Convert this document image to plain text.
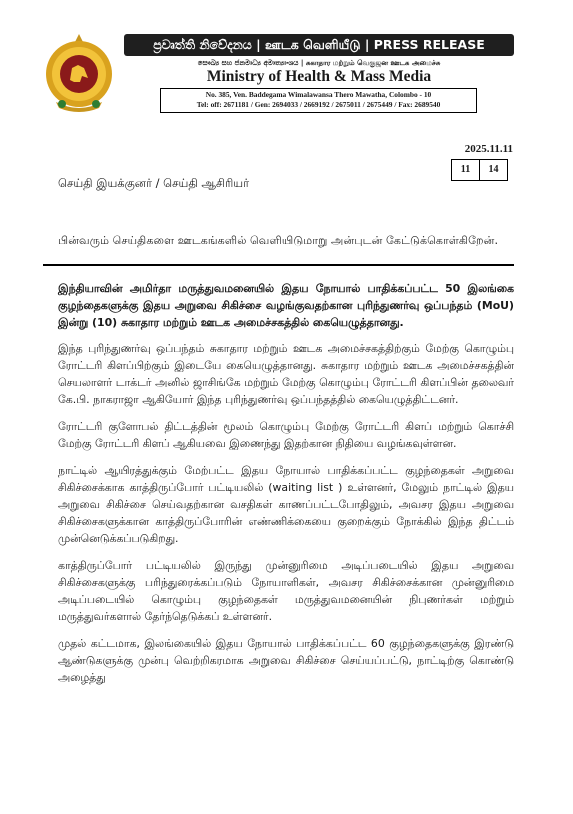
ප්‍රවෘත්ති නිවේදනය | ஊடக வெளியீடு | PRESS RELEASE
සෞඛ්‍ය සහ ජනමාධ්‍ය අමාත්‍යාංශය | சுகாதார மற்றும் வெகுஜன ஊடக அமைச்சு
Ministry of Health & Mass Media
No. 385, Ven. Baddegama Wimalawansa Thero Mawatha, Colombo - 10
Tel: off: 2671181 / Gen: 2694033 / 2669192 / 2675011 / 2675449 / Fax: 2689540
2025.11.11
11	14
செய்தி இயக்குனர் / செய்தி ஆசிரியர்
பின்வரும் செய்திகளை ஊடகங்களில் வெளியிடுமாறு அன்புடன் கேட்டுக்கொள்கிறேன்.

இந்தியாவின் அமிர்தா மருத்துவமனையில் இதய நோயால் பாதிக்கப்பட்ட 50 இலங்கை குழந்தைகளுக்கு இதய அறுவை சிகிச்சை வழங்குவதற்கான புரிந்துணர்வு ஒப்பந்தம் (MoU) இன்று (10) சுகாதார மற்றும் ஊடக அமைச்சகத்தில் கையெழுத்தானது.

இந்த புரிந்துணர்வு ஒப்பந்தம் சுகாதார மற்றும் ஊடக அமைச்சகத்திற்கும் மேற்கு கொழும்பு ரோட்டரி கிளப்பிற்கும் இடையே கையெழுத்தானது. சுகாதார மற்றும் ஊடக அமைச்சகத்தின் செயலாளர் டாக்டர் அனில் ஜாசிங்கே மற்றும் மேற்கு கொழும்பு ரோட்டரி கிளப்பின் தலைவர் கே.பி. நாகராஜா ஆகியோர் இந்த புரிந்துணர்வு ஒப்பந்தத்தில் கையெழுத்திட்டனர்.

ரோட்டரி குளோபல் திட்டத்தின் மூலம் கொழும்பு மேற்கு ரோட்டரி கிளப் மற்றும் கொச்சி மேற்கு ரோட்டரி கிளப் ஆகியவை இணைந்து இதற்கான நிதியை வழங்கவுள்ளன.

நாட்டில் ஆயிரத்துக்கும் மேற்பட்ட இதய நோயால் பாதிக்கப்பட்ட குழந்தைகள் அறுவை சிகிச்சைக்காக காத்திருப்போர் பட்டியலில் (waiting list ) உள்ளனர், மேலும் நாட்டில் இதய அறுவை சிகிச்சை செய்வதற்கான வசதிகள் காணப்பட்டபோதிலும், அவசர இதய அறுவை சிகிச்சைகளுக்கான காத்திருப்போரின் எண்ணிக்கையை குறைக்கும் நோக்கில் இந்த திட்டம் முன்னெடுக்கப்படுகிறது.

காத்திருப்போர் பட்டியலில் இருந்து முன்னுரிமை அடிப்படையில் இதய அறுவை சிகிச்சைகளுக்கு பரிந்துரைக்கப்படும் நோயாளிகள், அவசர சிகிச்சைக்கான முன்னுரிமை அடிப்படையில் கொழும்பு குழந்தைகள் மருத்துவமனையின் நிபுணர்கள் மற்றும் மருத்துவர்களால் தேர்ந்தெடுக்கப் உள்ளனர்.

முதல் கட்டமாக, இலங்கையில் இதய நோயால் பாதிக்கப்பட்ட 60 குழந்தைகளுக்கு இரண்டு ஆண்டுகளுக்கு முன்பு வெற்றிகரமாக அறுவை சிகிச்சை செய்யப்பட்டு, நாட்டிற்கு கொண்டு அழைத்து
